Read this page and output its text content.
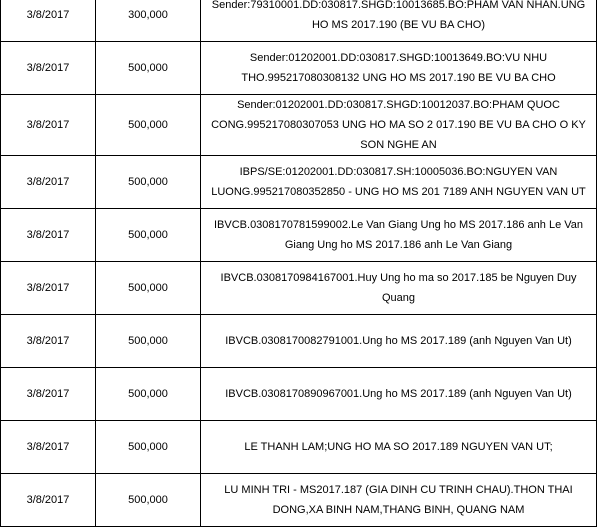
3/8/2017	300,000	Sender:79310001.DD:030817.SHGD:10013685.BO:PHAM VAN NHAN.UNG HO MS 2017.190 (BE VU BA CHO)
3/8/2017	500,000	Sender:01202001.DD:030817.SHGD:10013649.BO:VU NHU THO.995217080308132 UNG HO MS 2017.190 BE VU BA CHO
3/8/2017	500,000	Sender:01202001.DD:030817.SHGD:10012037.BO:PHAM QUOC CONG.995217080307053 UNG HO MA SO 2 017.190 BE VU BA CHO O KY SON NGHE AN
3/8/2017	500,000	IBPS/SE:01202001.DD:030817.SH:10005036.BO:NGUYEN VAN LUONG.995217080352850 - UNG HO MS 201 7189 ANH NGUYEN VAN UT
3/8/2017	500,000	IBVCB.0308170781599002.Le Van Giang Ung ho MS 2017.186 anh Le Van Giang Ung ho MS 2017.186 anh Le Van Giang
3/8/2017	500,000	IBVCB.0308170984167001.Huy Ung ho ma so 2017.185 be Nguyen Duy Quang
3/8/2017	500,000	IBVCB.0308170082791001.Ung ho MS 2017.189 (anh Nguyen Van Ut)
3/8/2017	500,000	IBVCB.0308170890967001.Ung ho MS 2017.189 (anh Nguyen Van Ut)
3/8/2017	500,000	LE THANH LAM;UNG HO MA SO 2017.189 NGUYEN VAN UT;
3/8/2017	500,000	LU MINH TRI - MS2017.187 (GIA DINH CU TRINH CHAU).THON THAI DONG,XA BINH NAM,THANG BINH, QUANG NAM
